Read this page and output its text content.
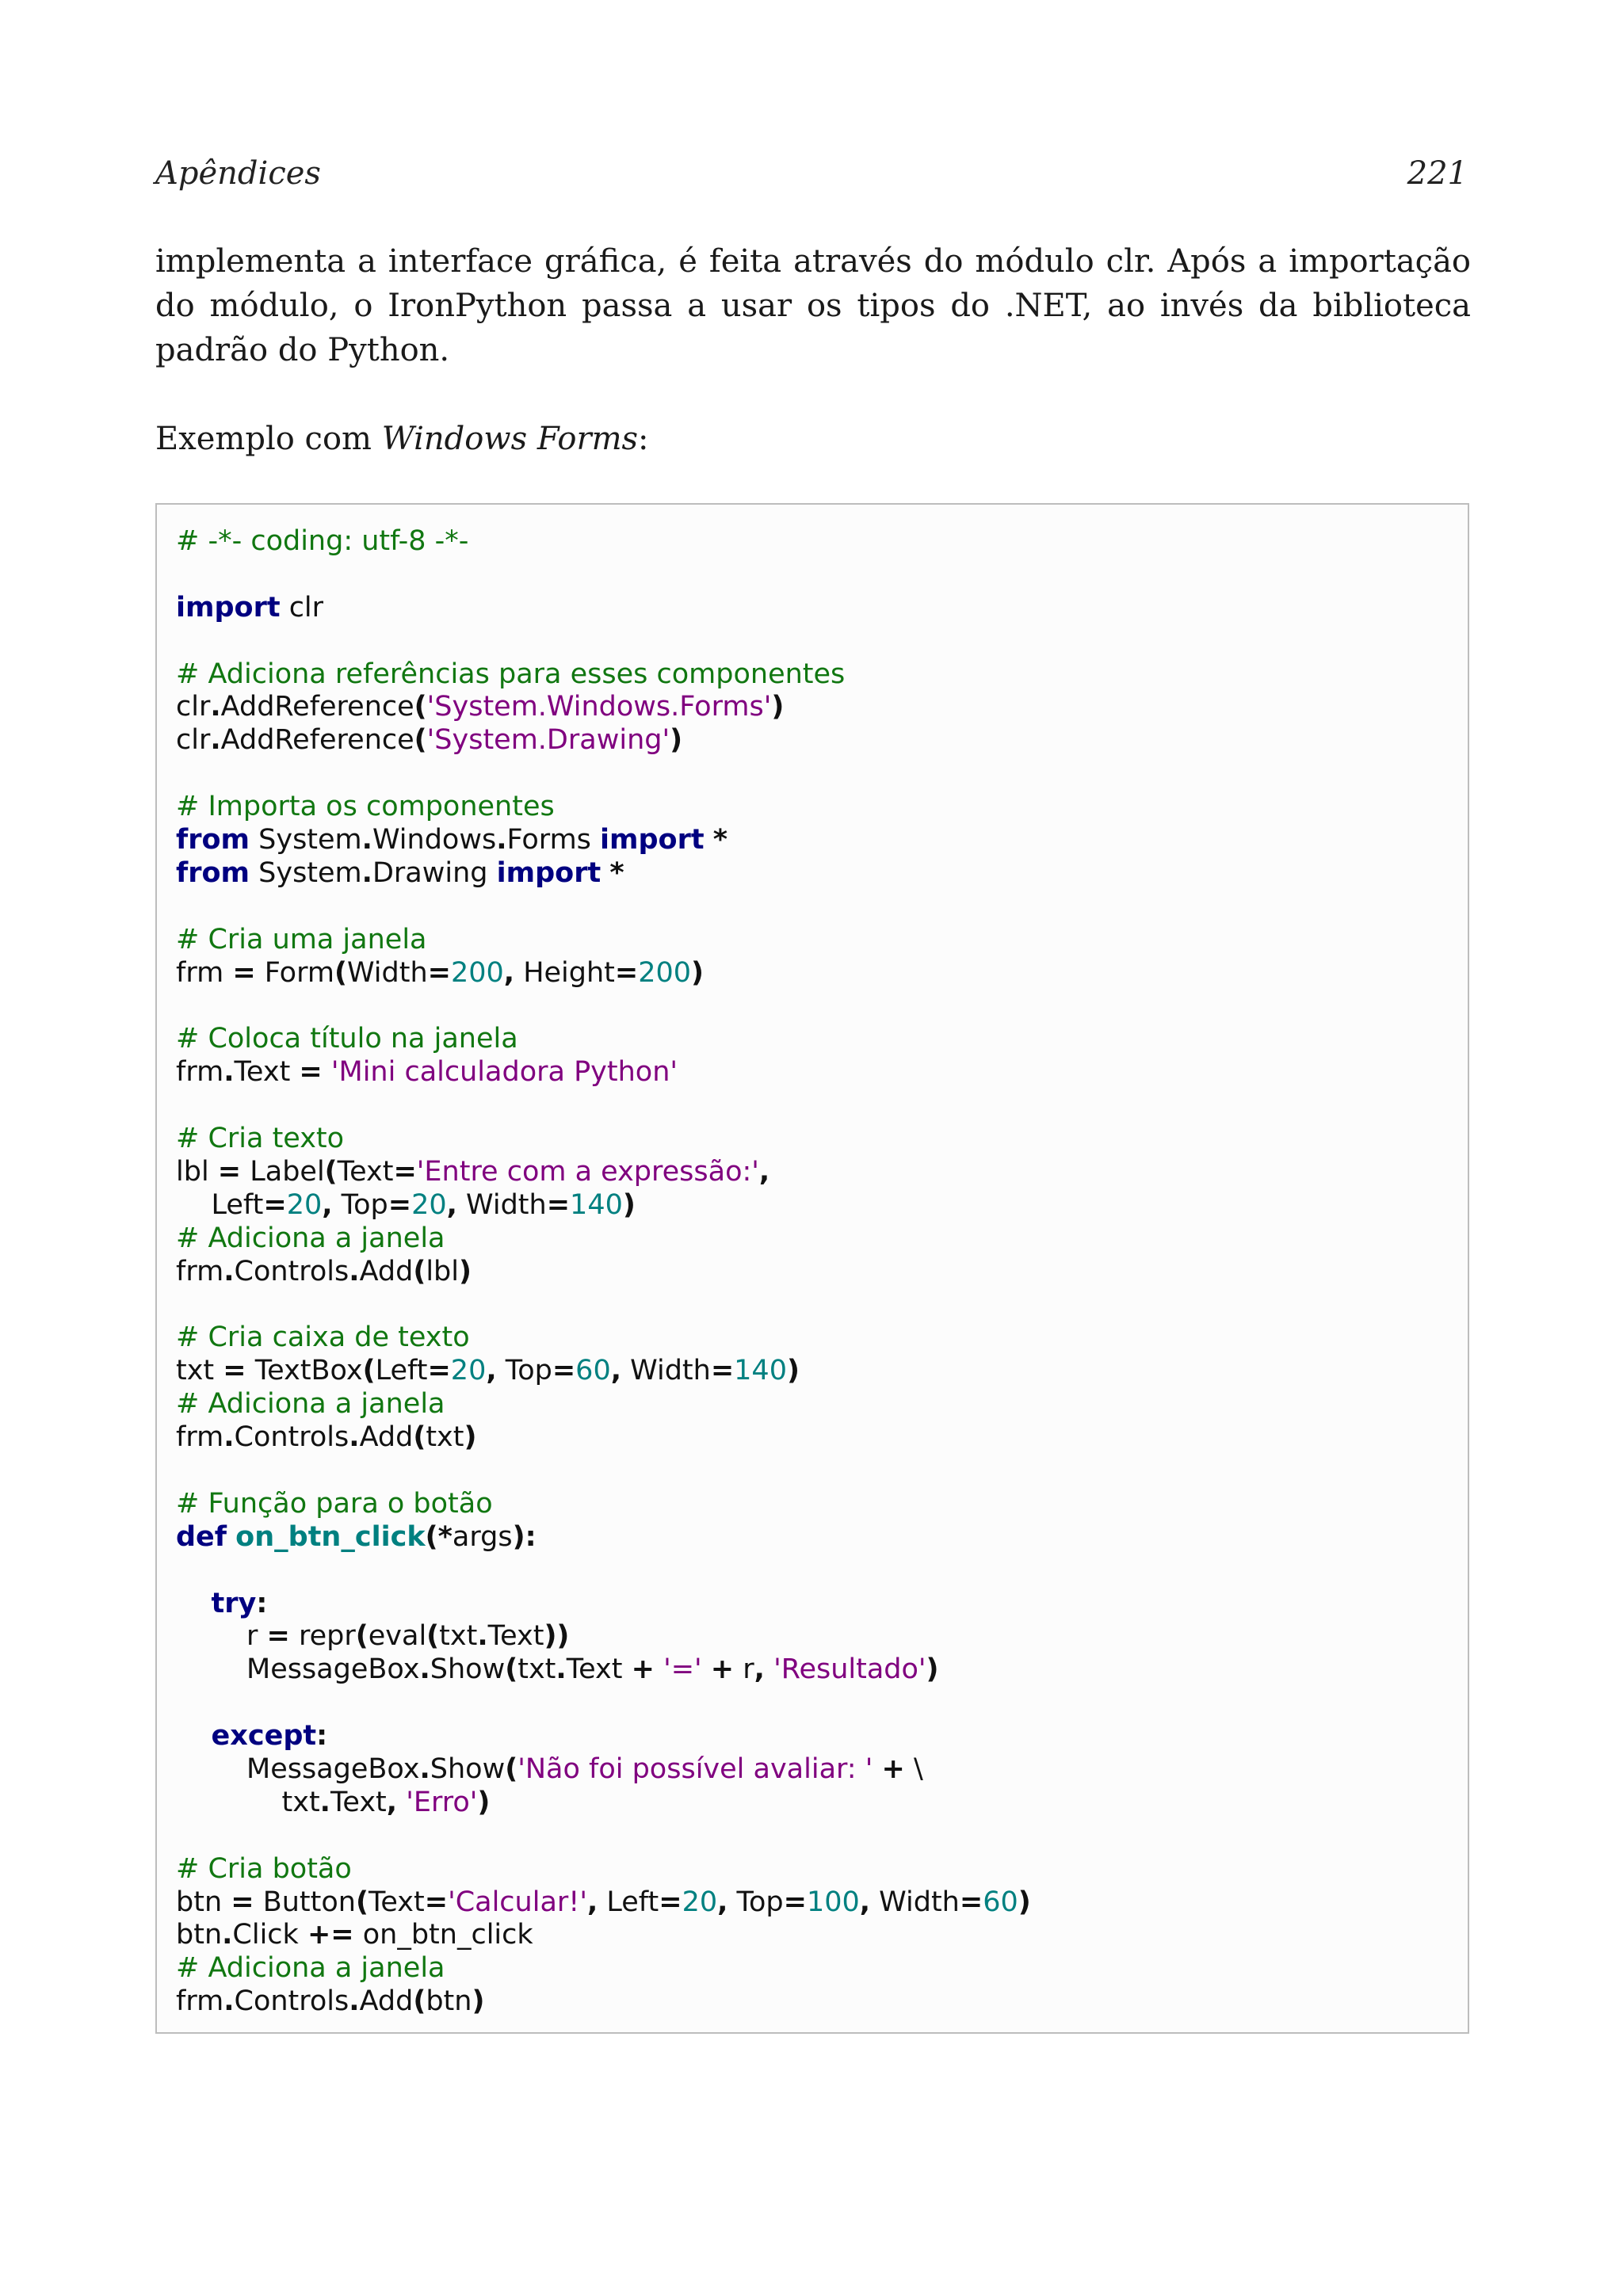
Apêndices	221

implementa a interface gráfica, é feita através do módulo clr. Após a importação do módulo, o IronPython passa a usar os tipos do .NET, ao invés da biblioteca padrão do Python.

Exemplo com Windows Forms:

# -*- coding: utf-8 -*-

import clr

# Adiciona referências para esses componentes
clr.AddReference('System.Windows.Forms')
clr.AddReference('System.Drawing')

# Importa os componentes
from System.Windows.Forms import *
from System.Drawing import *

# Cria uma janela
frm = Form(Width=200, Height=200)

# Coloca título na janela
frm.Text = 'Mini calculadora Python'

# Cria texto
lbl = Label(Text='Entre com a expressão:',
Left=20, Top=20, Width=140)
# Adiciona a janela
frm.Controls.Add(lbl)

# Cria caixa de texto
txt = TextBox(Left=20, Top=60, Width=140)
# Adiciona a janela
frm.Controls.Add(txt)

# Função para o botão
def on_btn_click(*args):

try:
r = repr(eval(txt.Text))
MessageBox.Show(txt.Text + '=' + r, 'Resultado')

except:
MessageBox.Show('Não foi possível avaliar: ' + \
txt.Text, 'Erro')

# Cria botão
btn = Button(Text='Calcular!', Left=20, Top=100, Width=60)
btn.Click += on_btn_click
# Adiciona a janela
frm.Controls.Add(btn)
